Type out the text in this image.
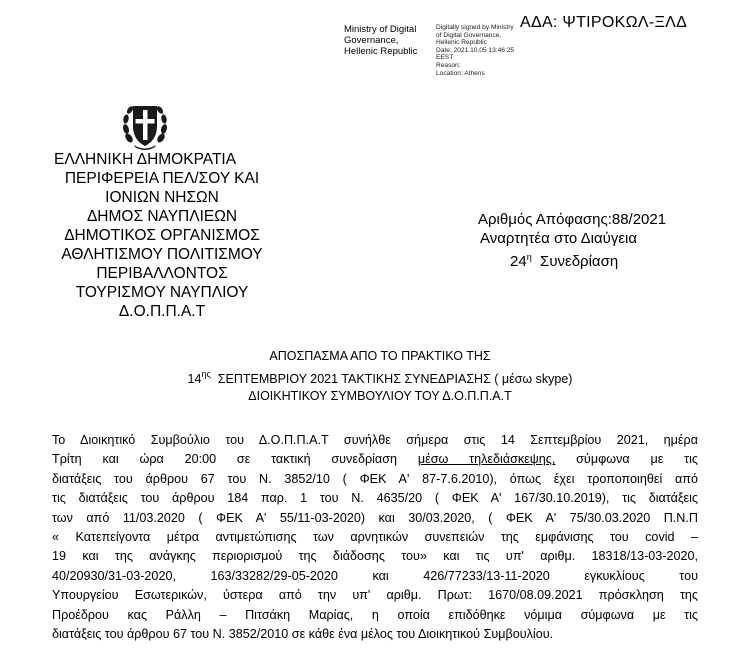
ΑΔΑ: ΨΤΙΡΟΚΩΛ-ΞΛΔ
Ministry of Digital
Governance,
Hellenic Republic
Digitally signed by Ministry
of Digital Governance,
Hellenic Republic
Date: 2021.10.05 13:46:25
EEST
Reason:
Location: Athens
ΕΛΛΗΝΙΚΗ ΔΗΜΟΚΡΑΤΙΑ
ΠΕΡΙΦΕΡΕΙΑ ΠΕΛ/ΣΟΥ ΚΑΙ
ΙΟΝΙΩΝ ΝΗΣΩΝ
ΔΗΜΟΣ ΝΑΥΠΛΙΕΩΝ
ΔΗΜΟΤΙΚΟΣ ΟΡΓΑΝΙΣΜΟΣ
ΑΘΛΗΤΙΣΜΟΥ ΠΟΛΙΤΙΣΜΟΥ
ΠΕΡΙΒΑΛΛΟΝΤΟΣ
ΤΟΥΡΙΣΜΟΥ ΝΑΥΠΛΙΟΥ
Δ.Ο.Π.Π.Α.Τ
Αριθμός Απόφασης:88/2021
Αναρτητέα στο Διαύγεια
$24^\eta$ Συνεδρίαση
ΑΠΟΣΠΑΣΜΑ ΑΠΟ ΤΟ ΠΡΑΚΤΙΚΟ ΤΗΣ
$14^{\eta\varsigma}$ ΣΕΠΤΕΜΒΡΙΟΥ 2021 ΤΑΚΤΙΚΗΣ ΣΥΝΕΔΡΙΑΣΗΣ ( μέσω skype)
ΔΙΟΙΚΗΤΙΚΟΥ ΣΥΜΒΟΥΛΙΟΥ ΤΟΥ Δ.Ο.Π.Π.Α.Τ
Το Διοικητικό Συμβούλιο του Δ.Ο.Π.Π.Α.Τ συνήλθε σήμερα στις 14 Σεπτεμβρίου 2021, ημέρα
Τρίτη και ώρα 20:00 σε τακτική συνεδρίαση μέσω τηλεδιάσκεψης, σύμφωνα με τις
διατάξεις του άρθρου 67 του Ν. 3852/10 ( ΦΕΚ Α' 87-7.6.2010), όπως έχει τροποποιηθεί από
τις διατάξεις του άρθρου 184 παρ. 1 του Ν. 4635/20 ( ΦΕΚ Α' 167/30.10.2019), τις διατάξεις
των από 11/03.2020 ( ΦΕΚ Α' 55/11-03-2020) και 30/03.2020, ( ΦΕΚ Α' 75/30.03.2020 Π.Ν.Π
« Κατεπείγοντα μέτρα αντιμετώπισης των αρνητικών συνεπειών της εμφάνισης του covid –
19 και της ανάγκης περιορισμού της διάδοσης του» και τις υπ' αριθμ. 18318/13-03-2020,
40/20930/31-03-2020, 163/33282/29-05-2020 και 426/77233/13-11-2020 εγκυκλίους του
Υπουργείου Εσωτερικών, ύστερα από την υπ' αριθμ. Πρωτ: 1670/08.09.2021 πρόσκληση της
Προέδρου κας Ράλλη – Πιτσάκη Μαρίας, η οποία επιδόθηκε νόμιμα σύμφωνα με τις
διατάξεις του άρθρου 67 του Ν. 3852/2010 σε κάθε ένα μέλος του Διοικητικού Συμβουλίου.
